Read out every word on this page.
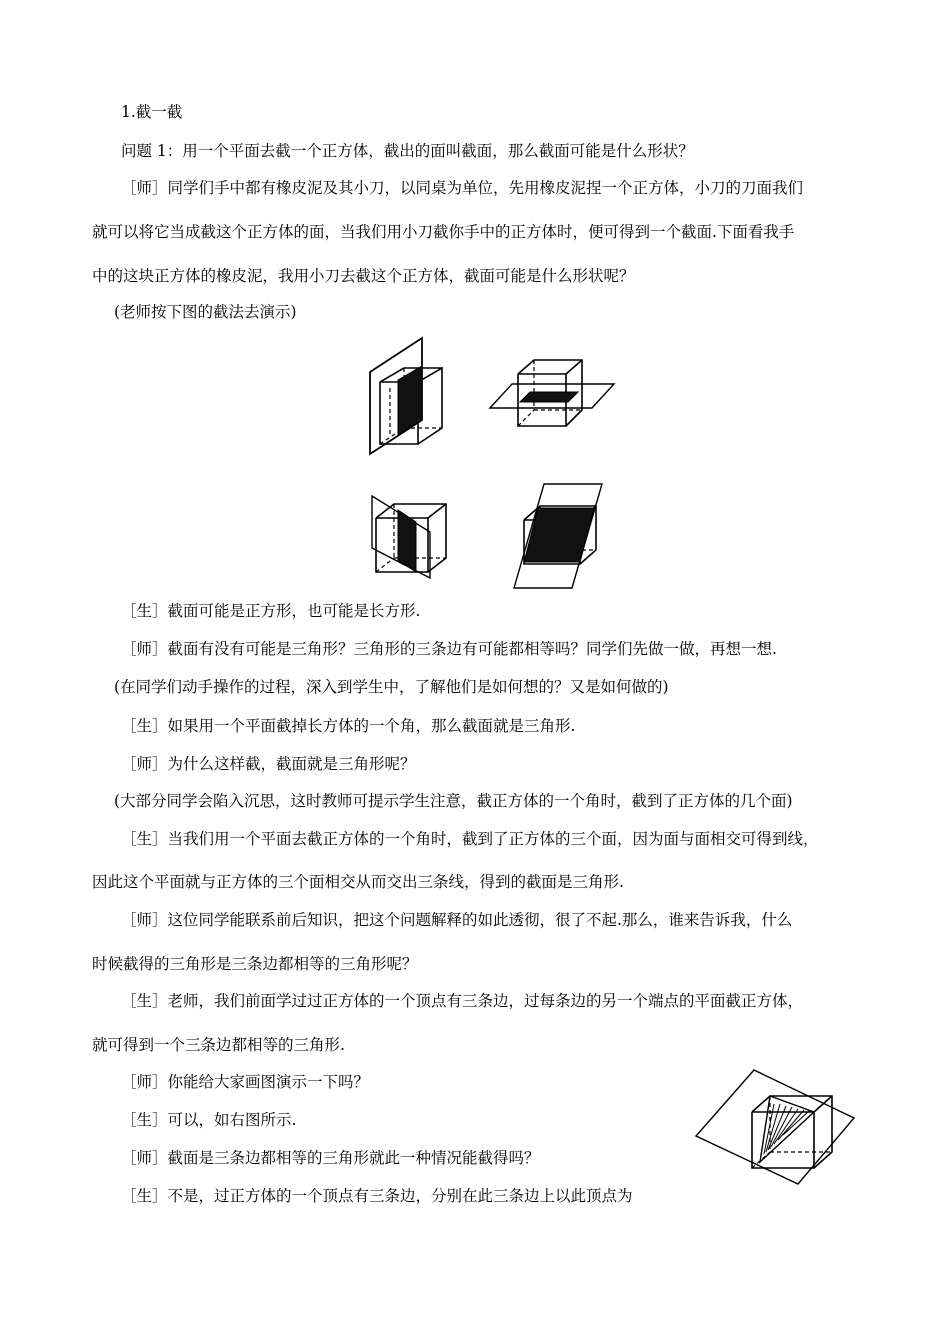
1.截一截
问题 1：用一个平面去截一个正方体，截出的面叫截面，那么截面可能是什么形状？
［师］同学们手中都有橡皮泥及其小刀，以同桌为单位，先用橡皮泥捏一个正方体，小刀的刀面我们
就可以将它当成截这个正方体的面，当我们用小刀截你手中的正方体时，便可得到一个截面.下面看我手
中的这块正方体的橡皮泥，我用小刀去截这个正方体，截面可能是什么形状呢？
(老师按下图的截法去演示)
［生］截面可能是正方形，也可能是长方形.
［师］截面有没有可能是三角形？三角形的三条边有可能都相等吗？同学们先做一做，再想一想.
(在同学们动手操作的过程，深入到学生中，了解他们是如何想的？又是如何做的)
［生］如果用一个平面截掉长方体的一个角，那么截面就是三角形.
［师］为什么这样截，截面就是三角形呢？
(大部分同学会陷入沉思，这时教师可提示学生注意，截正方体的一个角时，截到了正方体的几个面)
［生］当我们用一个平面去截正方体的一个角时，截到了正方体的三个面，因为面与面相交可得到线，
因此这个平面就与正方体的三个面相交从而交出三条线，得到的截面是三角形.
［师］这位同学能联系前后知识，把这个问题解释的如此透彻，很了不起.那么，谁来告诉我，什么
时候截得的三角形是三条边都相等的三角形呢？
［生］老师，我们前面学过过正方体的一个顶点有三条边，过每条边的另一个端点的平面截正方体，
就可得到一个三条边都相等的三角形.
［师］你能给大家画图演示一下吗？
［生］可以，如右图所示.
［师］截面是三条边都相等的三角形就此一种情况能截得吗？
［生］不是，过正方体的一个顶点有三条边，分别在此三条边上以此顶点为
